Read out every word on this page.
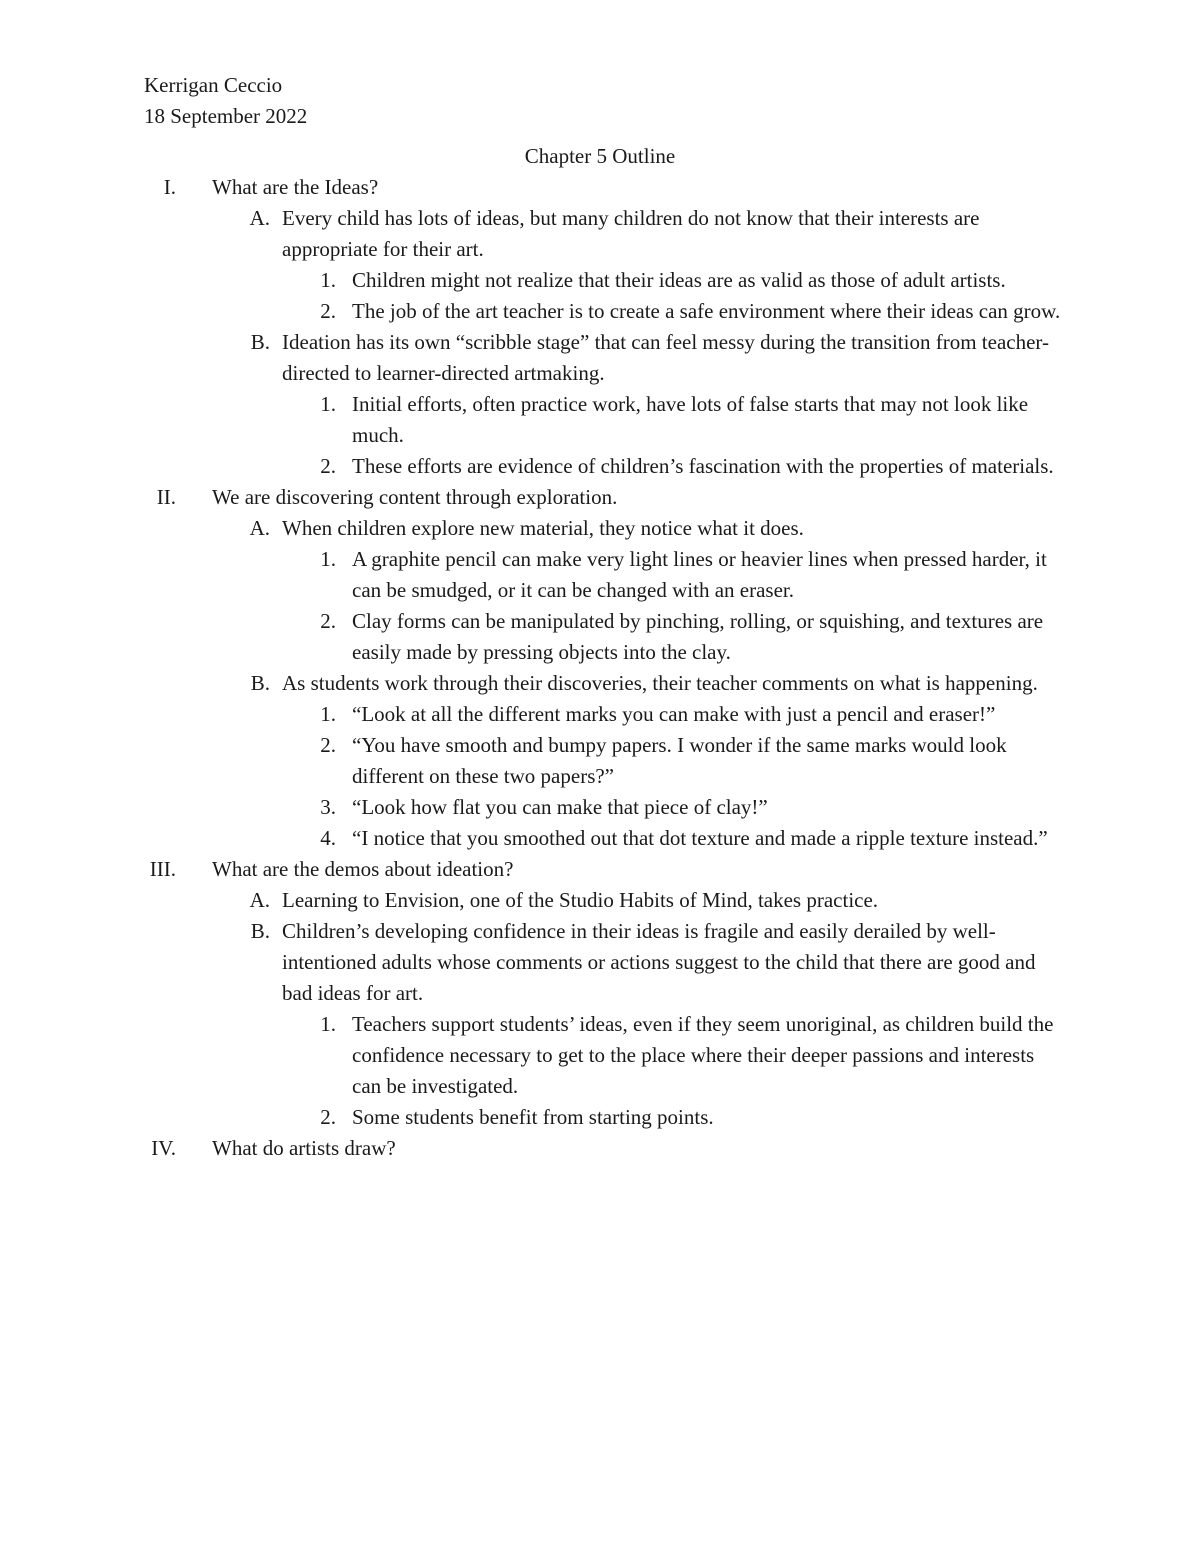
Kerrigan Ceccio
18 September 2022
Chapter 5 Outline
I. What are the Ideas?
A. Every child has lots of ideas, but many children do not know that their interests are appropriate for their art.
1. Children might not realize that their ideas are as valid as those of adult artists.
2. The job of the art teacher is to create a safe environment where their ideas can grow.
B. Ideation has its own “scribble stage” that can feel messy during the transition from teacher-directed to learner-directed artmaking.
1. Initial efforts, often practice work, have lots of false starts that may not look like much.
2. These efforts are evidence of children’s fascination with the properties of materials.
II. We are discovering content through exploration.
A. When children explore new material, they notice what it does.
1. A graphite pencil can make very light lines or heavier lines when pressed harder, it can be smudged, or it can be changed with an eraser.
2. Clay forms can be manipulated by pinching, rolling, or squishing, and textures are easily made by pressing objects into the clay.
B. As students work through their discoveries, their teacher comments on what is happening.
1. “Look at all the different marks you can make with just a pencil and eraser!”
2. “You have smooth and bumpy papers. I wonder if the same marks would look different on these two papers?”
3. “Look how flat you can make that piece of clay!”
4. “I notice that you smoothed out that dot texture and made a ripple texture instead.”
III. What are the demos about ideation?
A. Learning to Envision, one of the Studio Habits of Mind, takes practice.
B. Children’s developing confidence in their ideas is fragile and easily derailed by well-intentioned adults whose comments or actions suggest to the child that there are good and bad ideas for art.
1. Teachers support students’ ideas, even if they seem unoriginal, as children build the confidence necessary to get to the place where their deeper passions and interests can be investigated.
2. Some students benefit from starting points.
IV. What do artists draw?
